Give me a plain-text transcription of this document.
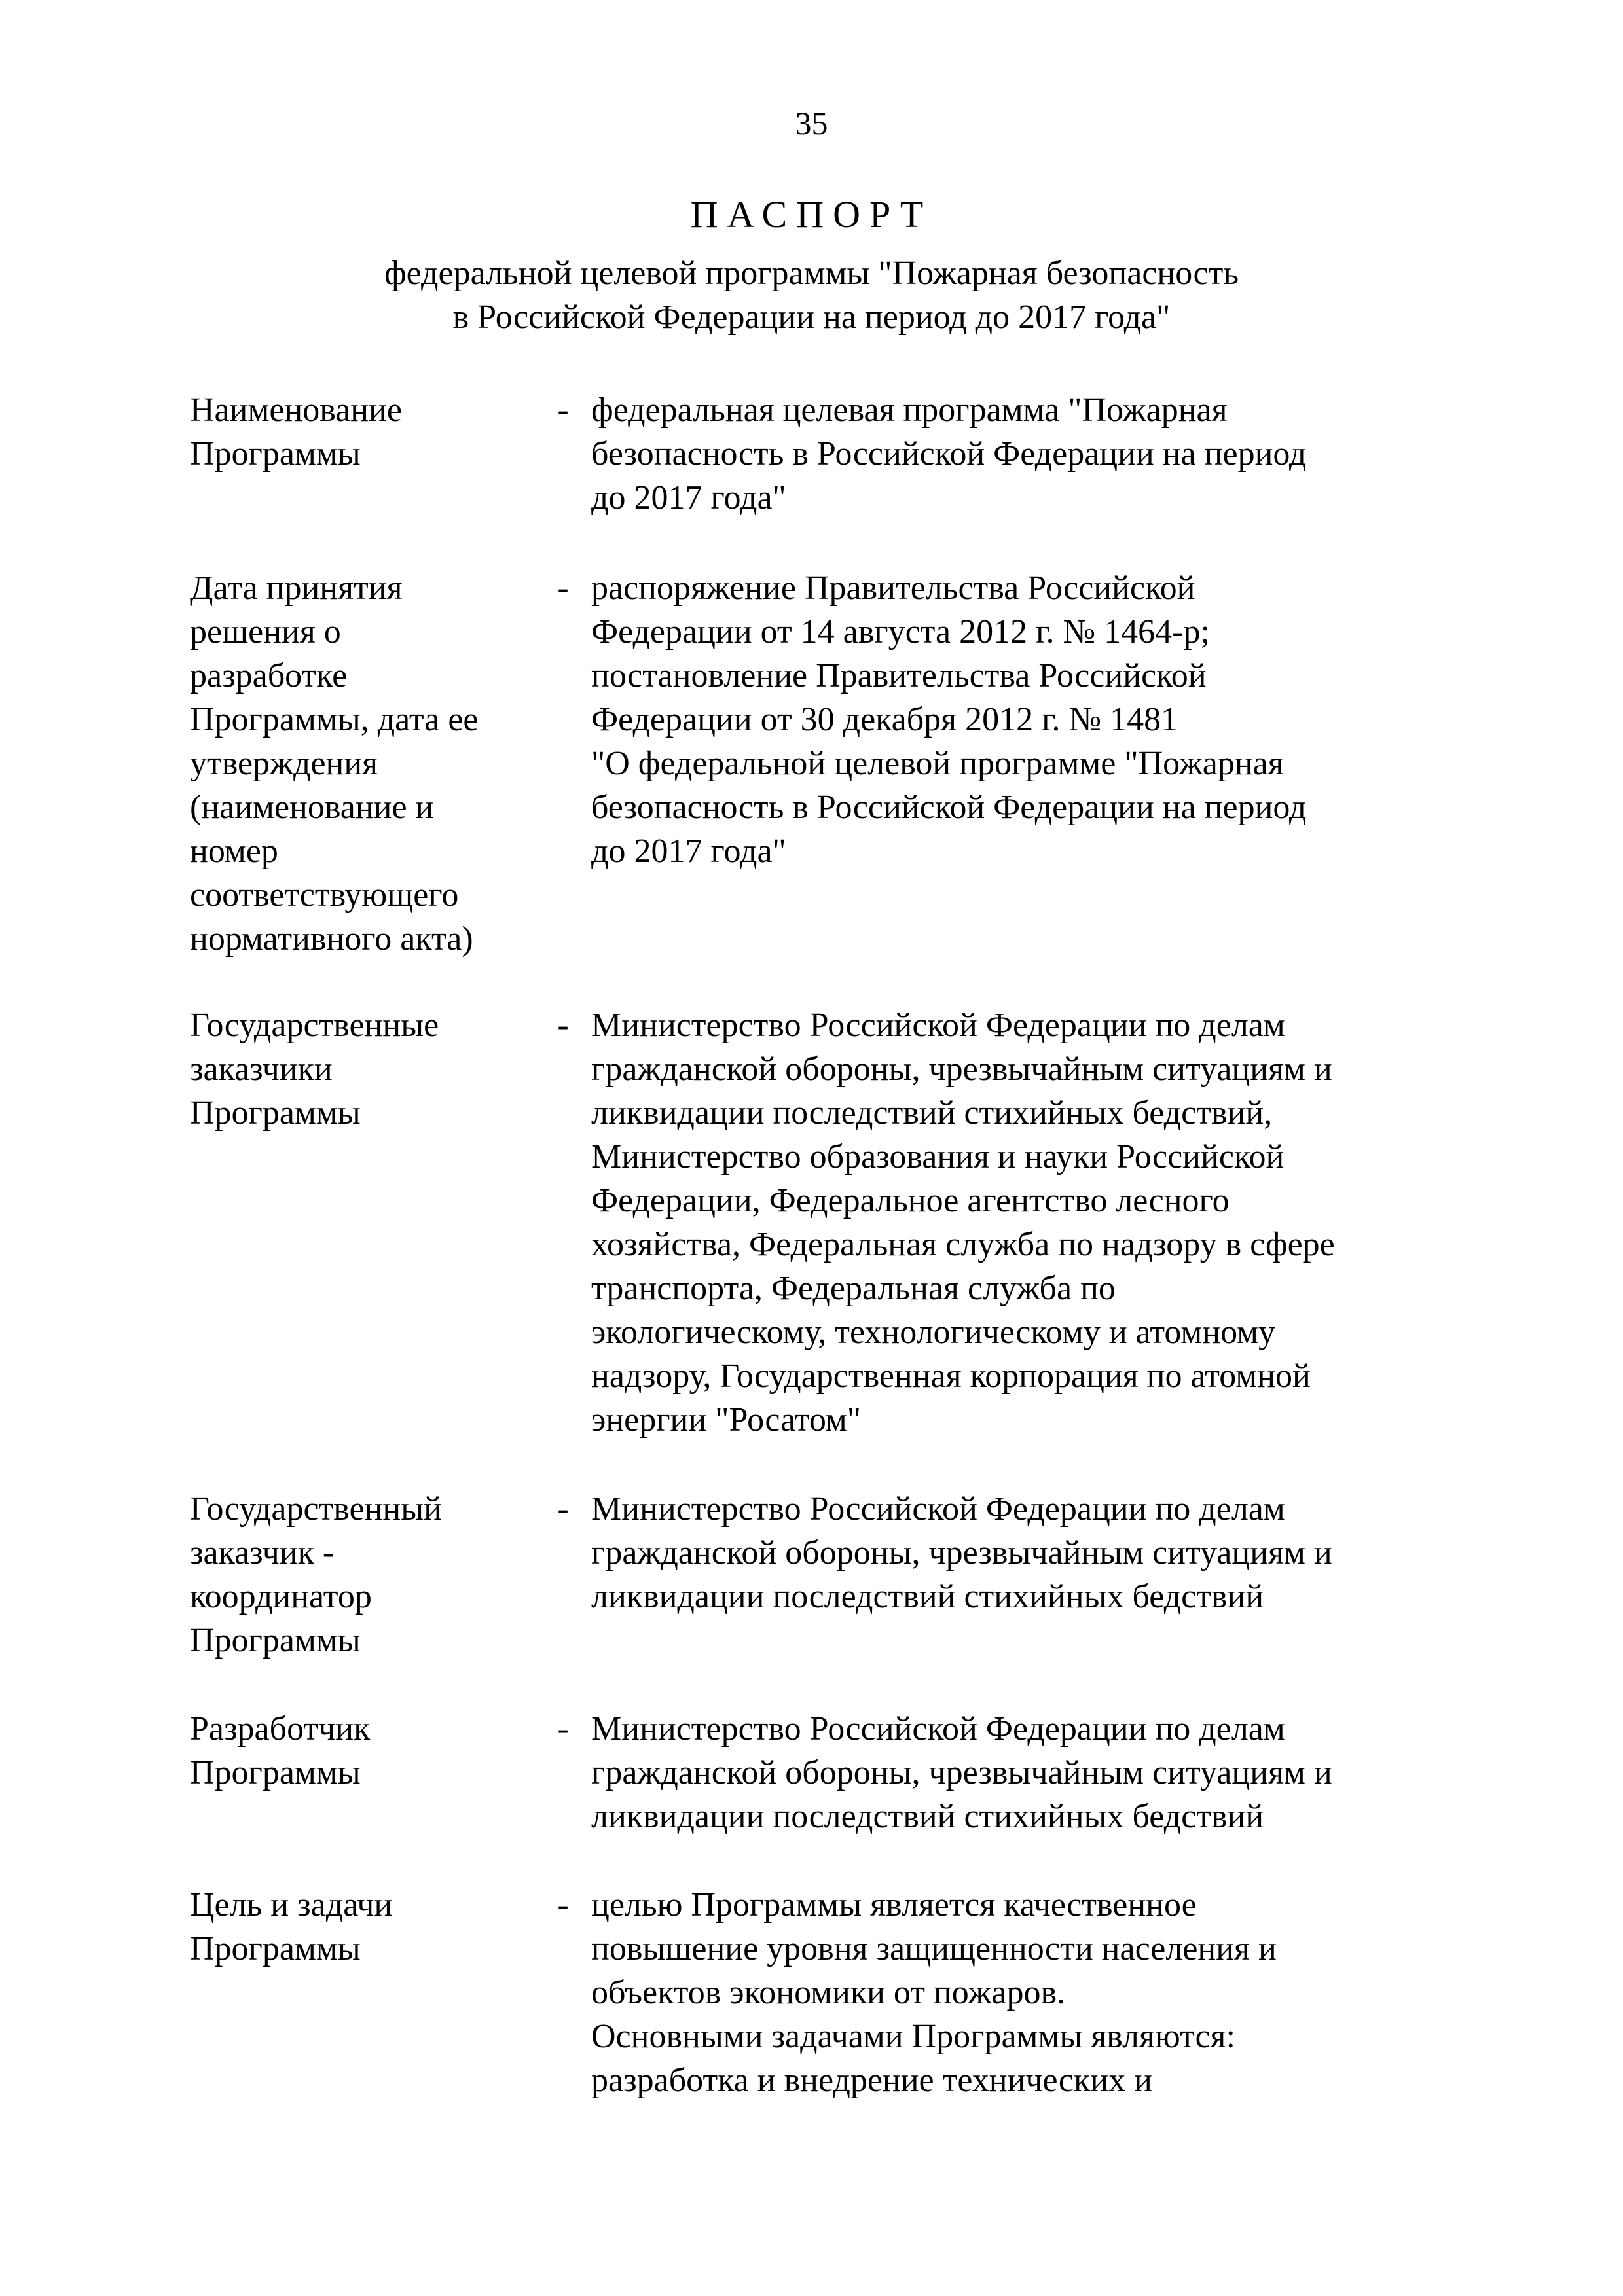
35
ПАСПОРТ
федеральной целевой программы "Пожарная безопасность
в Российской Федерации на период до 2017 года"
Наименование
Программы
- федеральная целевая программа "Пожарная
безопасность в Российской Федерации на период
до 2017 года"
Дата принятия
решения о
разработке
Программы, дата ее
утверждения
(наименование и
номер
соответствующего
нормативного акта)
- распоряжение Правительства Российской
Федерации от 14 августа 2012 г. № 1464-р;
постановление Правительства Российской
Федерации от 30 декабря 2012 г. № 1481
"О федеральной целевой программе "Пожарная
безопасность в Российской Федерации на период
до 2017 года"
Государственные
заказчики
Программы
- Министерство Российской Федерации по делам
гражданской обороны, чрезвычайным ситуациям и
ликвидации последствий стихийных бедствий,
Министерство образования и науки Российской
Федерации, Федеральное агентство лесного
хозяйства, Федеральная служба по надзору в сфере
транспорта, Федеральная служба по
экологическому, технологическому и атомному
надзору, Государственная корпорация по атомной
энергии "Росатом"
Государственный
заказчик -
координатор
Программы
- Министерство Российской Федерации по делам
гражданской обороны, чрезвычайным ситуациям и
ликвидации последствий стихийных бедствий
Разработчик
Программы
- Министерство Российской Федерации по делам
гражданской обороны, чрезвычайным ситуациям и
ликвидации последствий стихийных бедствий
Цель и задачи
Программы
- целью Программы является качественное
повышение уровня защищенности населения и
объектов экономики от пожаров.
Основными задачами Программы являются:
разработка и внедрение технических и
